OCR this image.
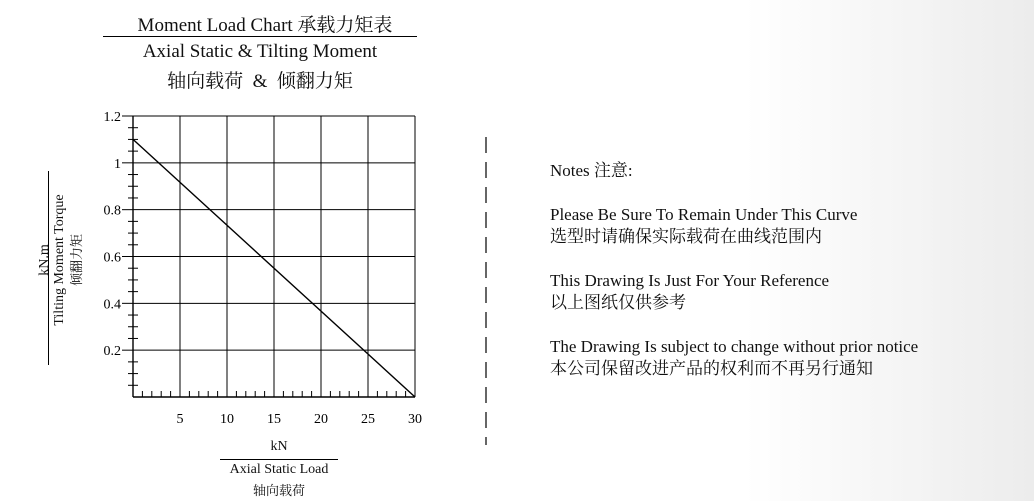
Moment Load Chart 承载力矩表
Axial Static & Tilting Moment
轴向载荷  &  倾翻力矩
5	10 15 20 25 30
0.2
0.4
0.6
0.8
1
1.2
kN
Axial Static Load
轴向载荷
kN.m Tilting Moment Torque 倾翻力矩
Notes 注意:
Please Be Sure To Remain Under This Curve
选型时请确保实际载荷在曲线范围内
This Drawing Is Just For Your Reference
以上图纸仅供参考
The Drawing Is subject to change without prior notice
本公司保留改进产品的权利而不再另行通知
